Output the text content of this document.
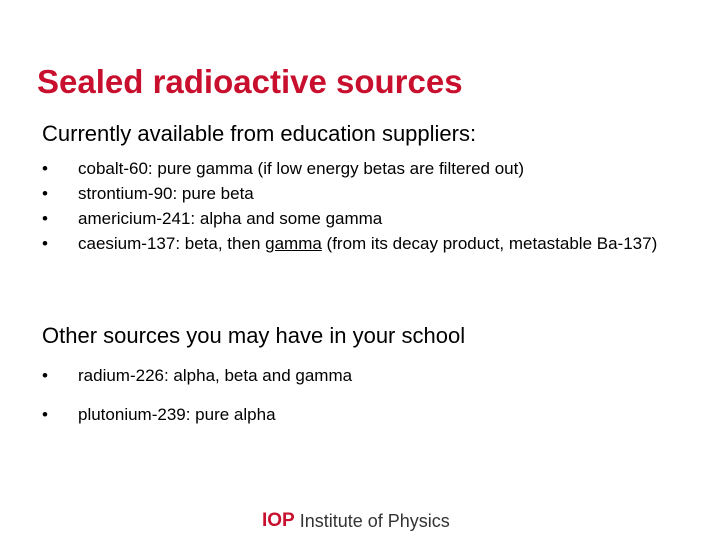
Sealed radioactive sources
Currently available from education suppliers:
• cobalt-60: pure gamma (if low energy betas are filtered out)
• strontium-90: pure beta
• americium-241: alpha and some gamma
• caesium-137: beta, then gamma (from its decay product, metastable Ba-137)
Other sources you may have in your school
• radium-226: alpha, beta and gamma
• plutonium-239: pure alpha
IOP Institute of Physics
